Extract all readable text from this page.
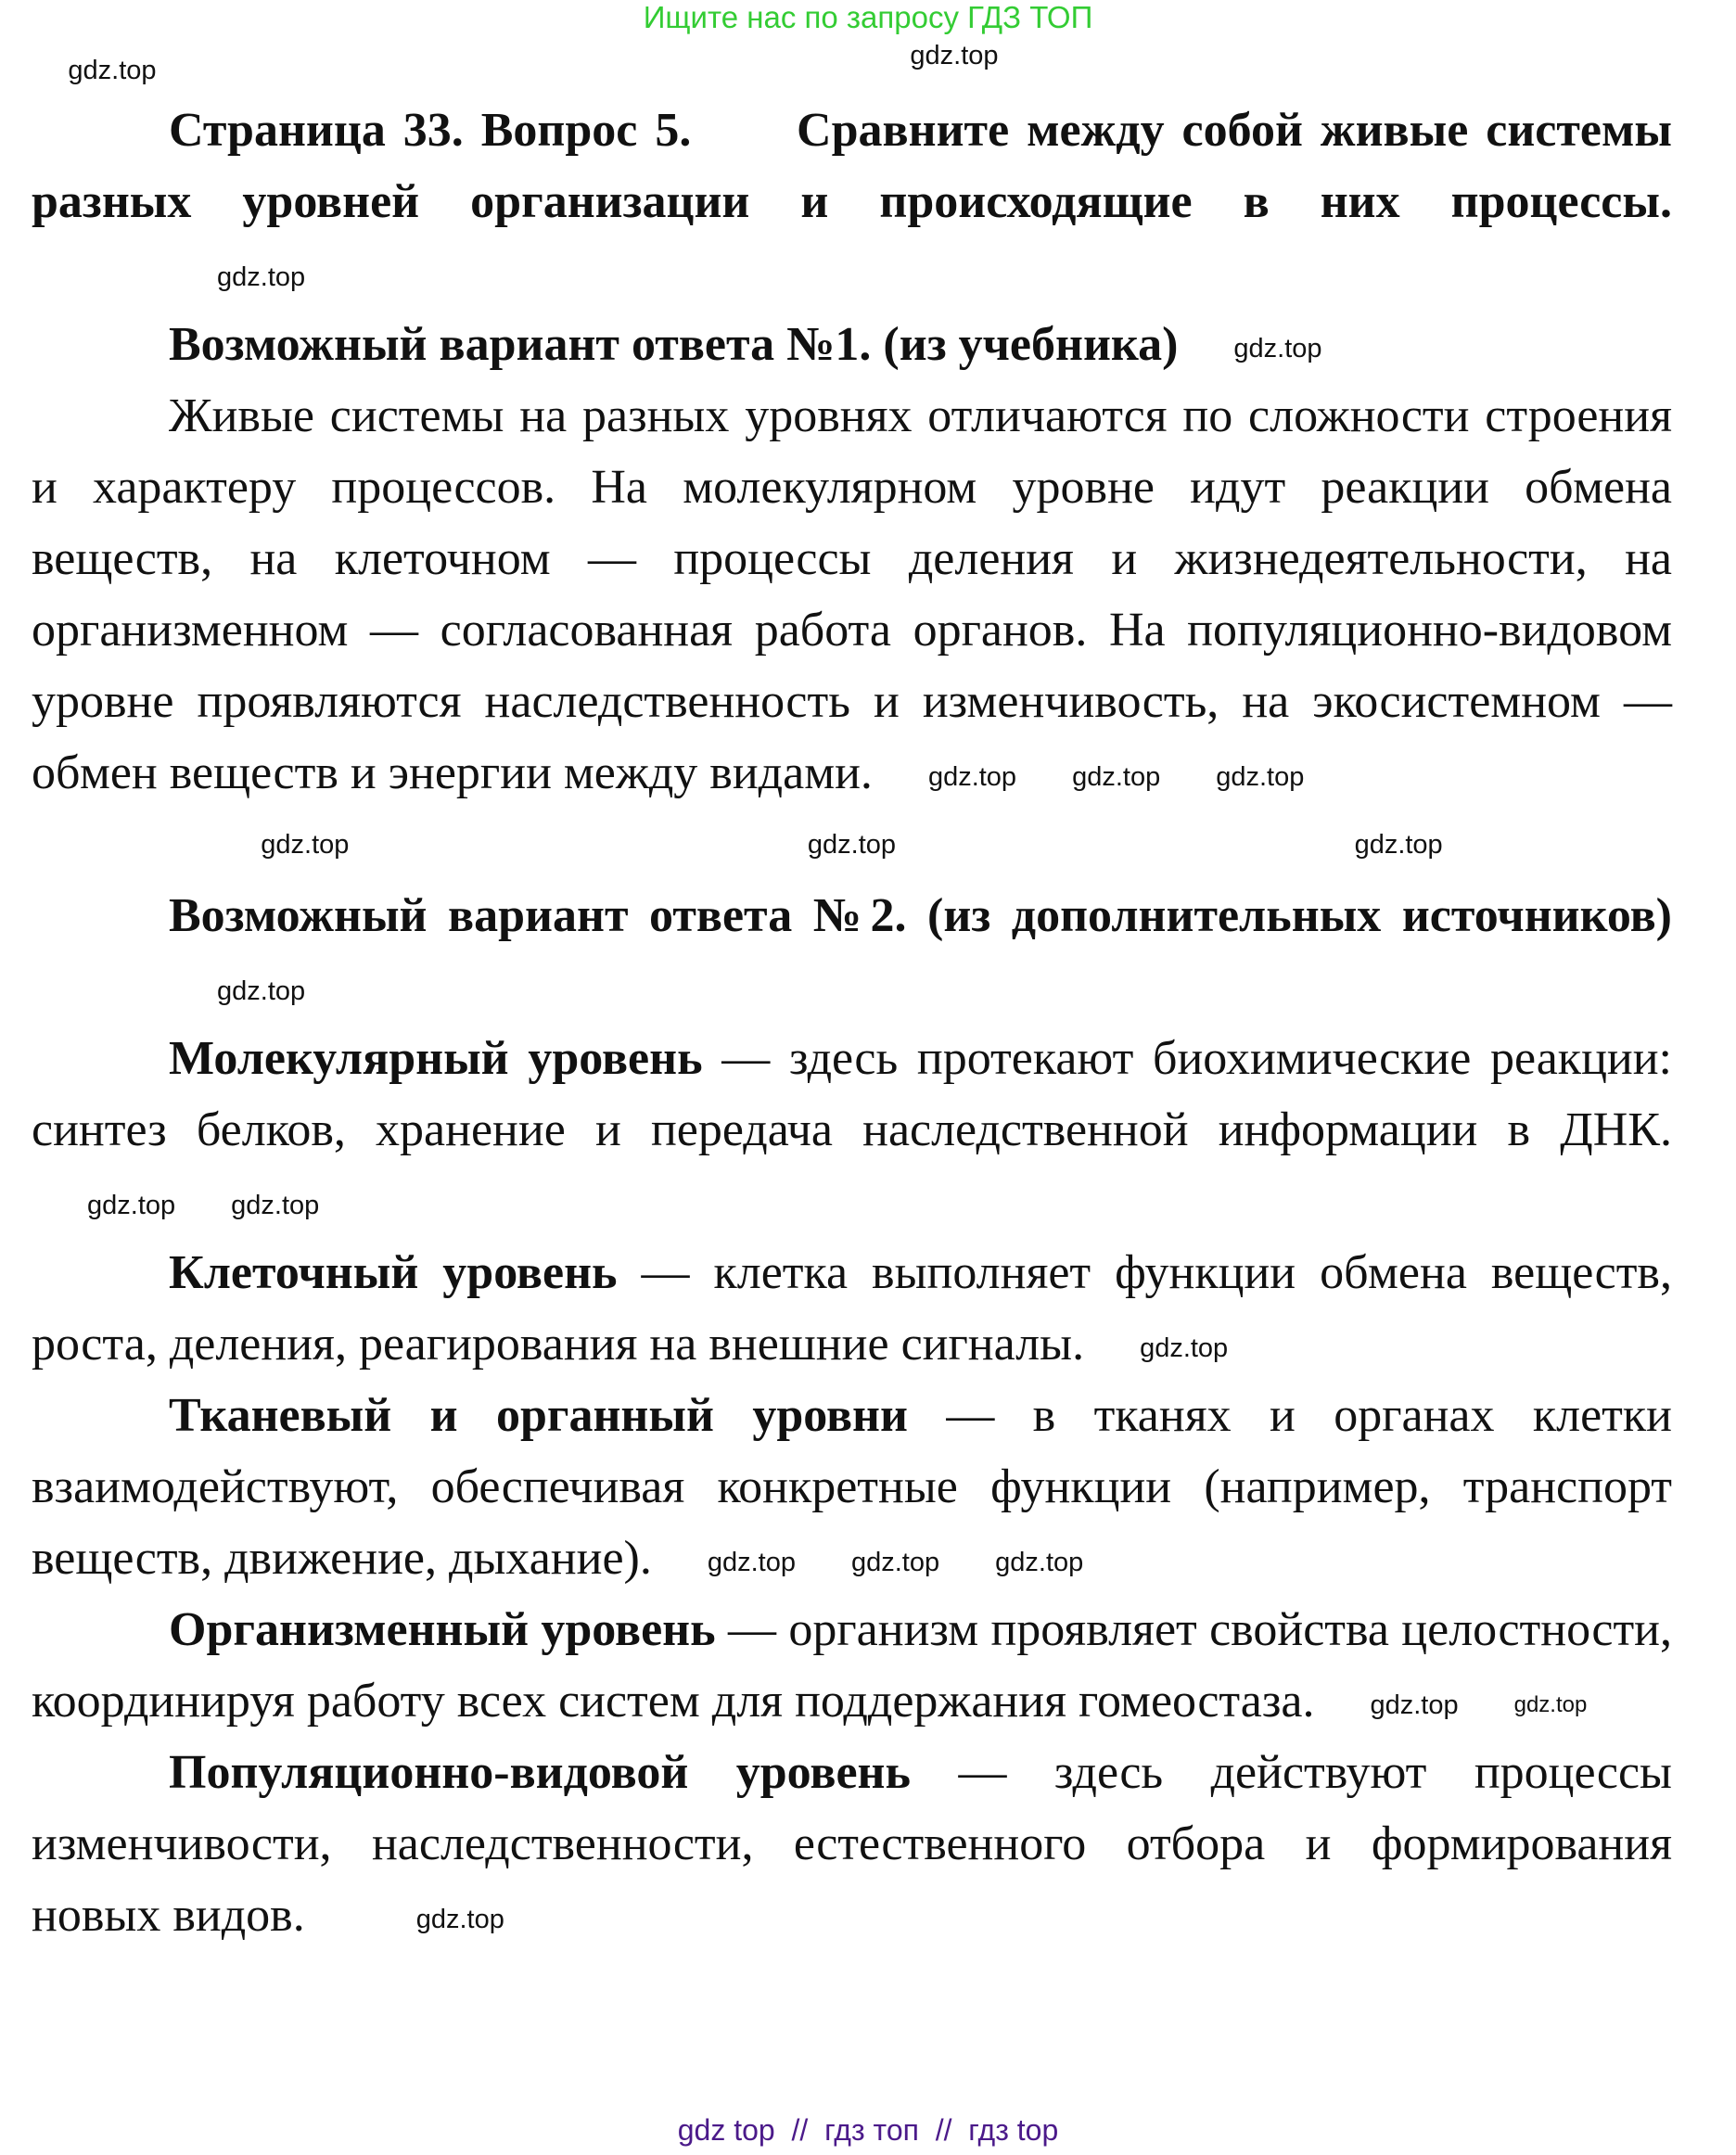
Ищите нас по запросу ГДЗ ТОП
gdz.top
gdz.top

Страница 33. Вопрос 5. Сравните между собой живые системы разных уровней организации и происходящие в них процессы.gdz.top

Возможный вариант ответа №1. (из учебника) gdz.top

Живые системы на разных уровнях отличаются по сложности строения и характеру процессов. На молекулярном уровне идут реакции обмена веществ, на клеточном — процессы деления и жизнедеятельности, на организменном — согласованная работа органов. На популяционно-видовом уровне проявляются наследственность и изменчивость, на экосистемном — обмен веществ и энергии между видами. gdz.top gdz.top gdz.top

gdz.top	gdz.top	gdz.top

Возможный вариант ответа №2. (из дополнительных источников)gdz.top

Молекулярный уровень — здесь протекают биохимические реакции: синтез белков, хранение и передача наследственной информации в ДНК.gdz.top gdz.top

Клеточный уровень — клетка выполняет функции обмена веществ, роста, деления, реагирования на внешние сигналы. gdz.top

Тканевый и органный уровни — в тканях и органах клетки взаимодействуют, обеспечивая конкретные функции (например, транспорт веществ, движение, дыхание). gdz.top gdz.top gdz.top

Организменный уровень — организм проявляет свойства целостности, координируя работу всех систем для поддержания гомеостаза. gdz.top	gdz.top

Популяционно-видовой уровень — здесь действуют процессы изменчивости, наследственности, естественного отбора и формирования новых видов.	gdz.top

gdz top  //  гдз топ  //  гдз top
